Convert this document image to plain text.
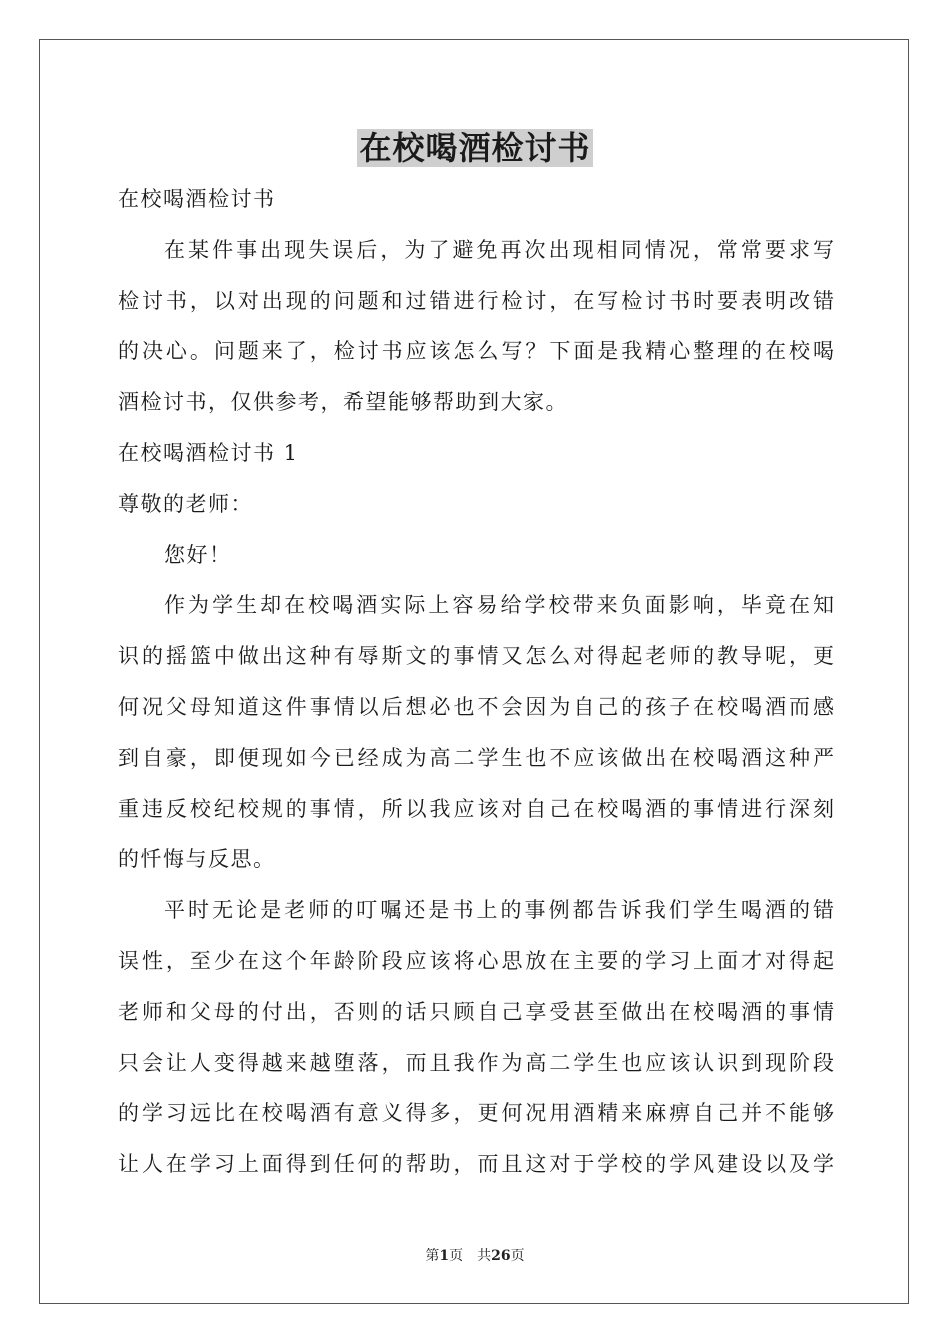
在校喝酒检讨书
在校喝酒检讨书
在某件事出现失误后，为了避免再次出现相同情况，常常要求写
检讨书，以对出现的问题和过错进行检讨，在写检讨书时要表明改错
的决心。问题来了，检讨书应该怎么写？下面是我精心整理的在校喝
酒检讨书，仅供参考，希望能够帮助到大家。
在校喝酒检讨书 1
尊敬的老师：
您好！
作为学生却在校喝酒实际上容易给学校带来负面影响，毕竟在知
识的摇篮中做出这种有辱斯文的事情又怎么对得起老师的教导呢，更
何况父母知道这件事情以后想必也不会因为自己的孩子在校喝酒而感
到自豪，即便现如今已经成为高二学生也不应该做出在校喝酒这种严
重违反校纪校规的事情，所以我应该对自己在校喝酒的事情进行深刻
的忏悔与反思。
平时无论是老师的叮嘱还是书上的事例都告诉我们学生喝酒的错
误性，至少在这个年龄阶段应该将心思放在主要的学习上面才对得起
老师和父母的付出，否则的话只顾自己享受甚至做出在校喝酒的事情
只会让人变得越来越堕落，而且我作为高二学生也应该认识到现阶段
的学习远比在校喝酒有意义得多，更何况用酒精来麻痹自己并不能够
让人在学习上面得到任何的帮助，而且这对于学校的学风建设以及学
第1页 共26页
